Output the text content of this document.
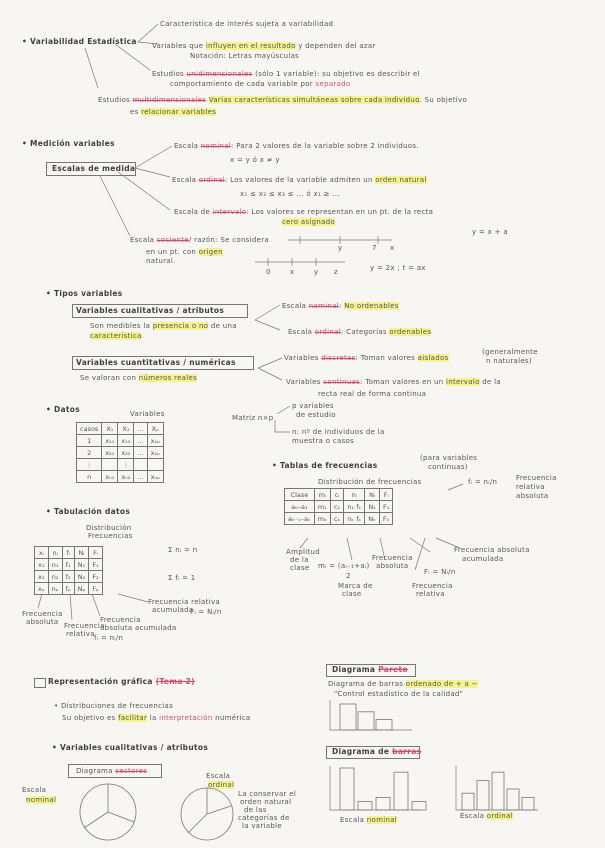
• Variabilidad Estadística
Característica de interés sujeta a variabilidad
Variables que influyen en el resultado y dependen del azar
Notación: Letras mayúsculas
Estudios unidimensionales (sólo 1 variable): su objetivo es describir el
comportamiento de cada variable por separado
Estudios multidimensionales Varias características simultáneas sobre cada individuo. Su objetivo
es relacionar variables
• Medición variables
Escalas de medida
Escala nominal: Para 2 valores de la variable sobre 2 individuos.
x = y ó x ≠ y
Escala ordinal: Los valores de la variable admiten un orden natural
x₁ ≤ x₂ ≤ x₃ ≤ ... ó x₁ ≥ ...
Escala de intervalo: Los valores se representan en un pt. de la recta
cero asignado
y	7 x
y = x + a
Escala cociente/ razón: Se considera
en un pt. con origen
natural.
0	x	y z	y = 2x ; t = ax
• Tipos variables
Variables cualitativas / atributos
Son medibles la presencia o no de una
característica
Escala nominal: No ordenables
Escala ordinal: Categorías ordenables
Variables cuantitativas / numéricas
Se valoran con números reales
Variables discretas: Toman valores aislados
(generalmente
n naturales)
Variables continuas: Toman valores en un intervalo de la
recta real de forma continua
• Datos	Variables
casos	X₁	X₂	...	Xₚ
1	x₁₁	x₁₂	...	x₁ₚ
2	x₂₁	x₂₂	...	x₂ₚ
⋮		⋮		
n	xₙ₁	xₙ₂	...	xₙₚ
Matriz n×p
p variables
de estudio
n: nº de individuos de la
muestra o casos
• Tablas de frecuencias
(para variables
continuas)
Distribución de frecuencias
Clase	mᵢ	cᵢ	nᵢ	Nᵢ	Fᵢ
a₀–a₁	m₁	c₁	n₁ f₁	N₁	F₁
aₖ₋₁–aₖ	mₖ	cₖ	nₖ fₖ	Nₖ	Fₖ
fᵢ = nᵢ/n	Frecuencia
relativa
absoluta
Amplitud
de la
clase mᵢ = (aᵢ₋₁+aᵢ)
2
Marca de
clase
Frecuencia
absoluta
Frecuencia absoluta
acumulada
Fᵢ = Nᵢ/n
Frecuencia
relativa
• Tabulación datos
Distribución
Frecuencias
xᵢ	nᵢ	fᵢ	Nᵢ	Fᵢ
x₁	n₁	f₁	N₁	F₁
x₂	n₂	f₂	N₂	F₂
xₚ	nₚ	fₚ	Nₚ	Fₚ
Σ nᵢ = n
Σ fᵢ = 1
Frecuencia
absoluta Frecuencia
relativa
Frecuencia
absoluta acumulada
Frecuencia relativa
acumulada
fᵢ = nᵢ/n
Fᵢ = Nᵢ/n
Representación gráfica (Tema 2)
• Distribuciones de frecuencias
Su objetivo es facilitar la interpretación numérica
• Variables cualitativas / atributos
Diagrama sectores
Escala
nominal
Escala
ordinal
La conservar el
orden natural
de las
categorías de
la variable
Diagrama Pareto
Diagrama de barras ordenado de + a −
"Control estadístico de la calidad"
Diagrama de barras
Escala nominal	Escala ordinal
